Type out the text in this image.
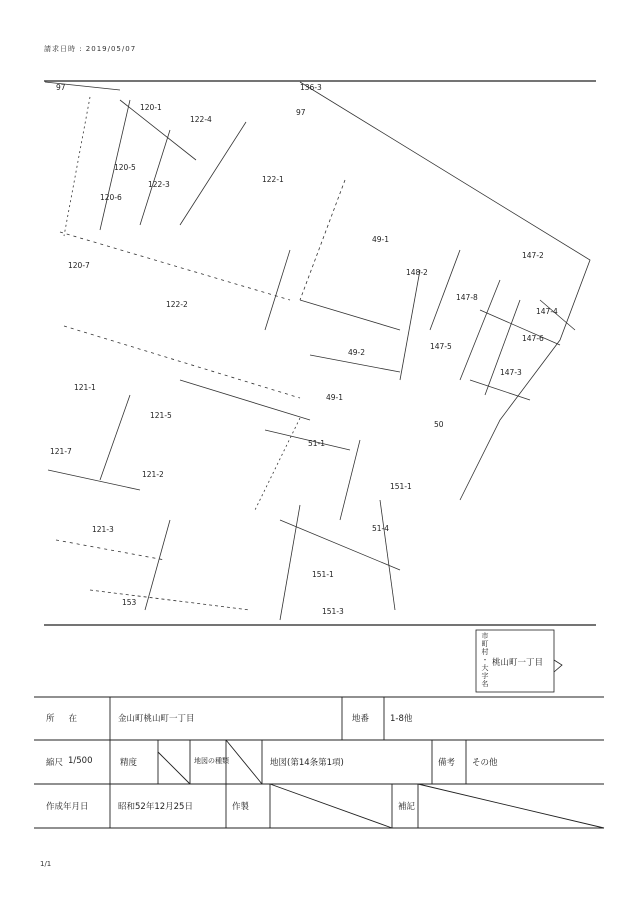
請求日時 : 2019/05/07
97	136-3
97
120-1
122-4
120-5
122-3
122-1
49-1
147-2
148-2
147-8
120-7
122-2
147-4
147-6
147-5
49-2
147-3
121-1
49-1
121-5
50
51-1
121-2
151-1
121-3	51-4
151-1
153
151-3
121-7
120-6
市町村・大字名 桃山町一丁目
所在	金山町桃山町一丁目	地番 1-8他
縮尺 1/500	精度	地図の種類	地図(第14条第1項)	備考 その他
作成年月日	昭和52年12月25日	作製	補記
1/1
